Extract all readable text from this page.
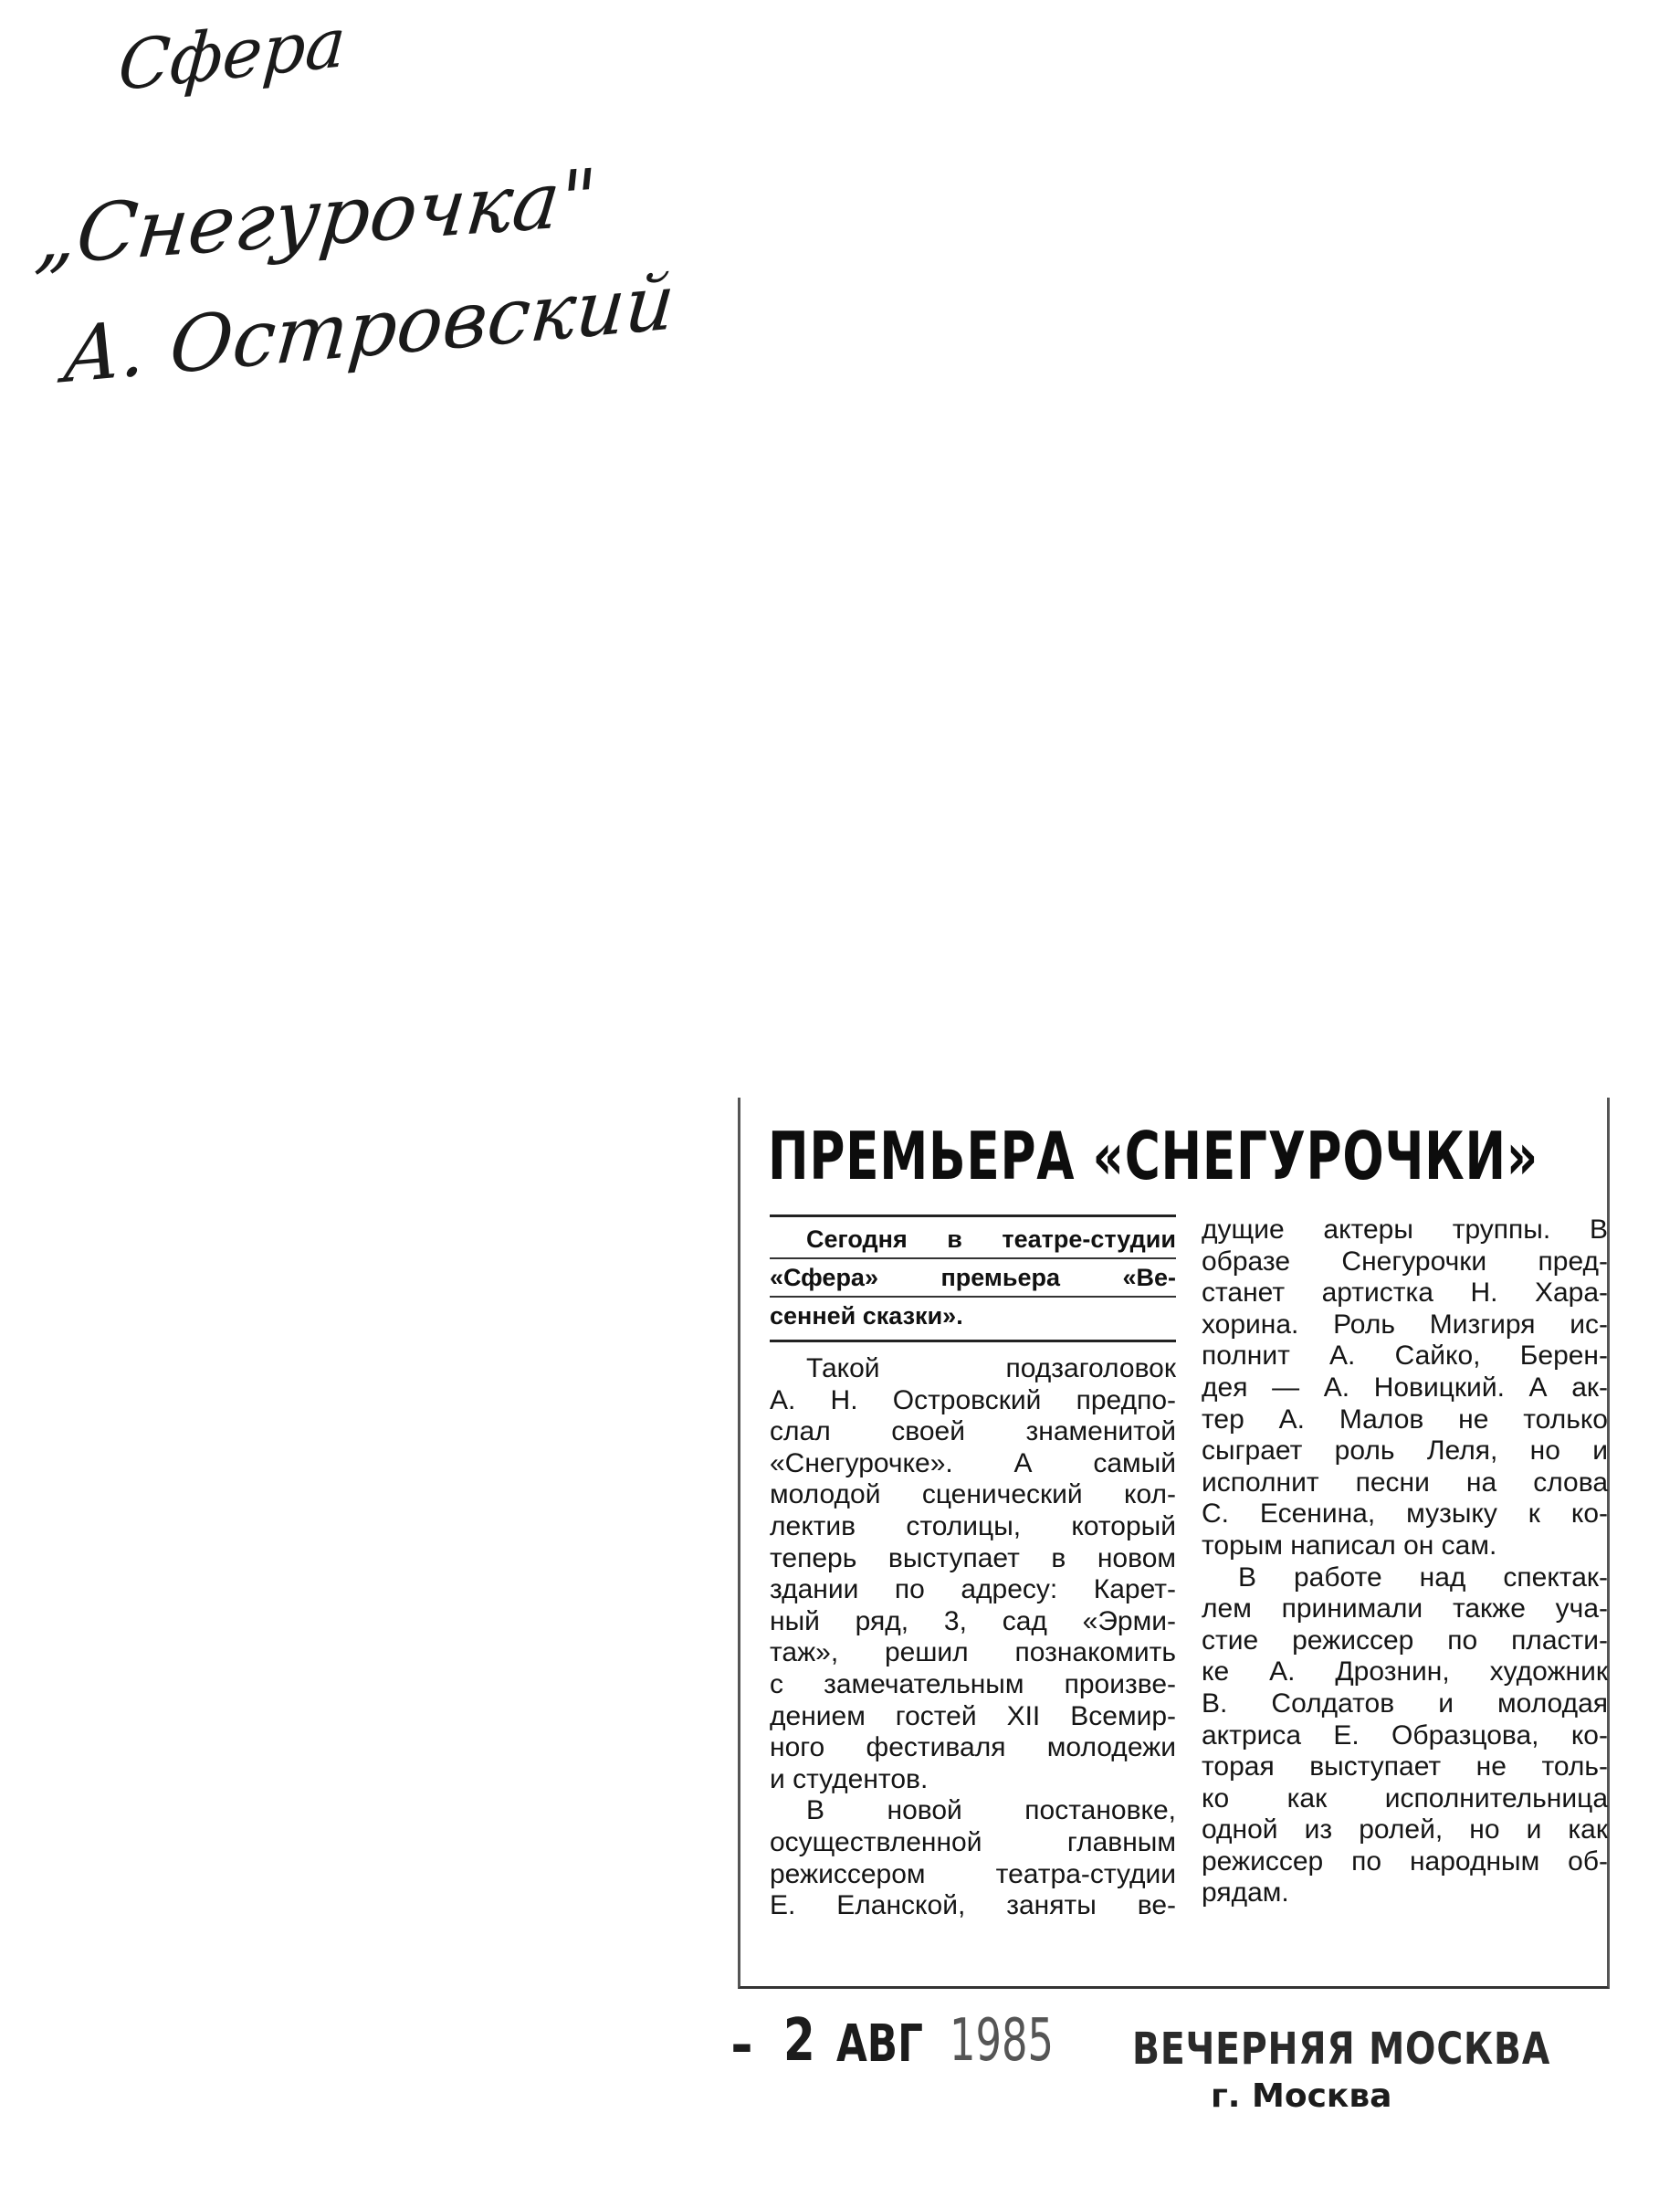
Сфера
„Снегурочка"
А. Островский
ПРЕМЬЕРА «СНЕГУРОЧКИ»
Сегодня в театре-студии
«Сфера» премьера «Ве-
сенней сказки».
Такой подзаголовок
А. Н. Островский предпо-
слал своей знаменитой
«Снегурочке». А самый
молодой сценический кол-
лектив столицы, который
теперь выступает в новом
здании по адресу: Карет-
ный ряд, 3, сад «Эрми-
таж», решил познакомить
с замечательным произве-
дением гостей XII Всемир-
ного фестиваля молодежи
и студентов.
В новой постановке,
осуществленной главным
режиссером театра-студии
Е. Еланской, заняты ве-
дущие актеры труппы. В
образе Снегурочки пред-
станет артистка Н. Хара-
хорина. Роль Мизгиря ис-
полнит А. Сайко, Берен-
дея — А. Новицкий. А ак-
тер А. Малов не только
сыграет роль Леля, но и
исполнит песни на слова
С. Есенина, музыку к ко-
торым написал он сам.
В работе над спектак-
лем принимали также уча-
стие режиссер по пласти-
ке А. Дрознин, художник
В. Солдатов и молодая
актриса Е. Образцова, ко-
торая выступает не толь-
ко как исполнительница
одной из ролей, но и как
режиссер по народным об-
рядам.
- 2 АВГ 1985 ВЕЧЕРНЯЯ МОСКВА
г. Москва
